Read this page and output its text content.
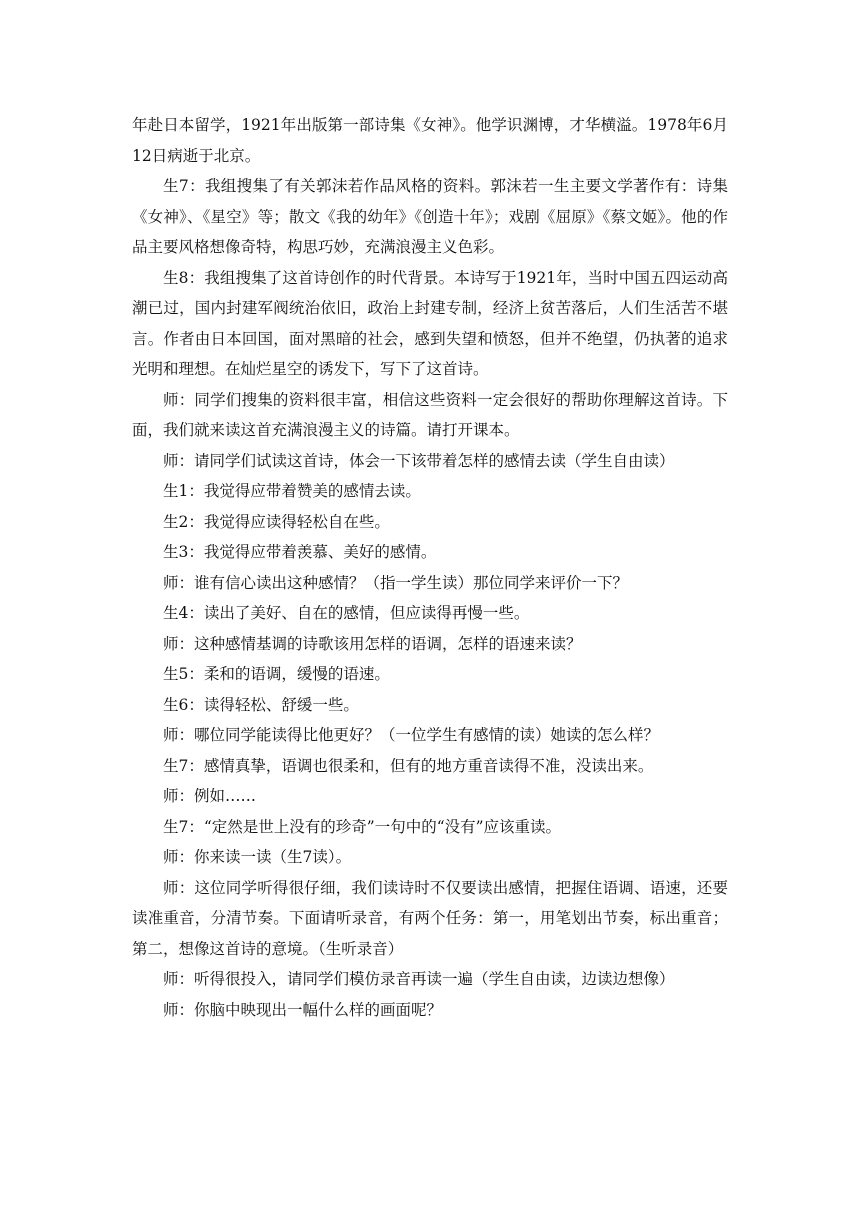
年赴日本留学，1921年出版第一部诗集《女神》。他学识渊博，才华横溢。1978年6月12日病逝于北京。

生7：我组搜集了有关郭沫若作品风格的资料。郭沫若一生主要文学著作有：诗集《女神》、《星空》等；散文《我的幼年》《创造十年》；戏剧《屈原》《蔡文姬》。他的作品主要风格想像奇特，构思巧妙，充满浪漫主义色彩。

生8：我组搜集了这首诗创作的时代背景。本诗写于1921年，当时中国五四运动高潮已过，国内封建军阀统治依旧，政治上封建专制，经济上贫苦落后，人们生活苦不堪言。作者由日本回国，面对黑暗的社会，感到失望和愤怒，但并不绝望，仍执著的追求光明和理想。在灿烂星空的诱发下，写下了这首诗。

师：同学们搜集的资料很丰富，相信这些资料一定会很好的帮助你理解这首诗。下面，我们就来读这首充满浪漫主义的诗篇。请打开课本。

师：请同学们试读这首诗，体会一下该带着怎样的感情去读（学生自由读）

生1：我觉得应带着赞美的感情去读。

生2：我觉得应读得轻松自在些。

生3：我觉得应带着羡慕、美好的感情。

师：谁有信心读出这种感情？（指一学生读）那位同学来评价一下？

生4：读出了美好、自在的感情，但应读得再慢一些。

师：这种感情基调的诗歌该用怎样的语调，怎样的语速来读？

生5：柔和的语调，缓慢的语速。

生6：读得轻松、舒缓一些。

师：哪位同学能读得比他更好？（一位学生有感情的读）她读的怎么样？

生7：感情真挚，语调也很柔和，但有的地方重音读得不准，没读出来。

师：例如……

生7：“定然是世上没有的珍奇”一句中的“没有”应该重读。

师：你来读一读（生7读）。

师：这位同学听得很仔细，我们读诗时不仅要读出感情，把握住语调、语速，还要读准重音，分清节奏。下面请听录音，有两个任务：第一，用笔划出节奏，标出重音；第二，想像这首诗的意境。（生听录音）

师：听得很投入，请同学们模仿录音再读一遍（学生自由读，边读边想像）

师：你脑中映现出一幅什么样的画面呢？
